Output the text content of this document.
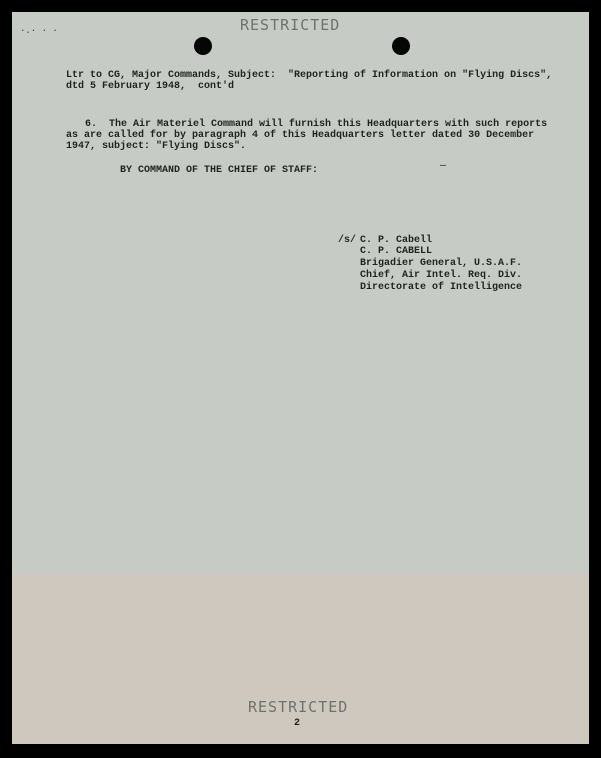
·.· · ·	RESTRICTED
Ltr to CG, Major Commands, Subject:  "Reporting of Information on "Flying Discs",
dtd 5 February 1948,  cont'd
6.  The Air Materiel Command will furnish this Headquarters with such reports
as are called for by paragraph 4 of this Headquarters letter dated 30 December
1947, subject: "Flying Discs".
BY COMMAND OF THE CHIEF OF STAFF:	—
/s/ C. P. Cabell
C. P. CABELL
Brigadier General, U.S.A.F.
Chief, Air Intel. Req. Div.
Directorate of Intelligence
RESTRICTED
2
